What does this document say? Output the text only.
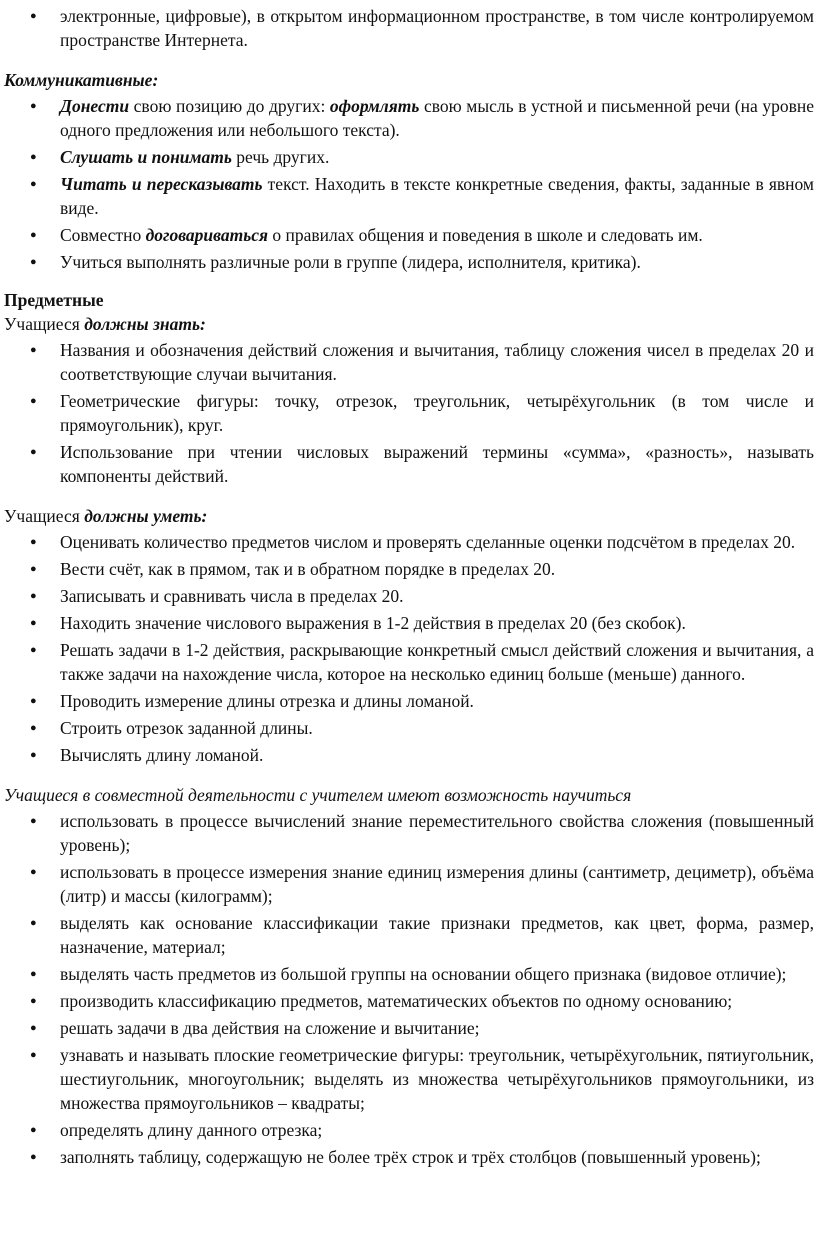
● электронные, цифровые), в открытом информационном пространстве, в том числе контролируемом пространстве Интернета.
Коммуникативные:
● Донести свою позицию до других: оформлять свою мысль в устной и письменной речи (на уровне одного предложения или небольшого текста).
● Слушать и понимать речь других.
● Читать и пересказывать текст. Находить в тексте конкретные сведения, факты, заданные в явном виде.
● Совместно договариваться о правилах общения и поведения в школе и следовать им.
● Учиться выполнять различные роли в группе (лидера, исполнителя, критика).
Предметные
Учащиеся должны знать:
● Названия и обозначения действий сложения и вычитания, таблицу сложения чисел в пределах 20 и соответствующие случаи вычитания.
● Геометрические фигуры: точку, отрезок, треугольник, четырёхугольник (в том числе и прямоугольник), круг.
● Использование при чтении числовых выражений термины «сумма», «разность», называть компоненты действий.
Учащиеся должны уметь:
● Оценивать количество предметов числом и проверять сделанные оценки подсчётом в пределах 20.
● Вести счёт, как в прямом, так и в обратном порядке в пределах 20.
● Записывать и сравнивать числа в пределах 20.
● Находить значение числового выражения в 1-2 действия в пределах 20 (без скобок).
● Решать задачи в 1-2 действия, раскрывающие конкретный смысл действий сложения и вычитания, а также задачи на нахождение числа, которое на несколько единиц больше (меньше) данного.
● Проводить измерение длины отрезка и длины ломаной.
● Строить отрезок заданной длины.
● Вычислять длину ломаной.
Учащиеся в совместной деятельности с учителем имеют возможность научиться
● использовать в процессе вычислений знание переместительного свойства сложения (повышенный уровень);
● использовать в процессе измерения знание единиц измерения длины (сантиметр, дециметр), объёма (литр) и массы (килограмм);
● выделять как основание классификации такие признаки предметов, как цвет, форма, размер, назначение, материал;
● выделять часть предметов из большой группы на основании общего признака (видовое отличие);
● производить классификацию предметов, математических объектов по одному основанию;
● решать задачи в два действия на сложение и вычитание;
● узнавать и называть плоские геометрические фигуры: треугольник, четырёхугольник, пятиугольник, шестиугольник, многоугольник; выделять из множества четырёхугольников прямоугольники, из множества прямоугольников – квадраты;
● определять длину данного отрезка;
● заполнять таблицу, содержащую не более трёх строк и трёх столбцов (повышенный уровень);
